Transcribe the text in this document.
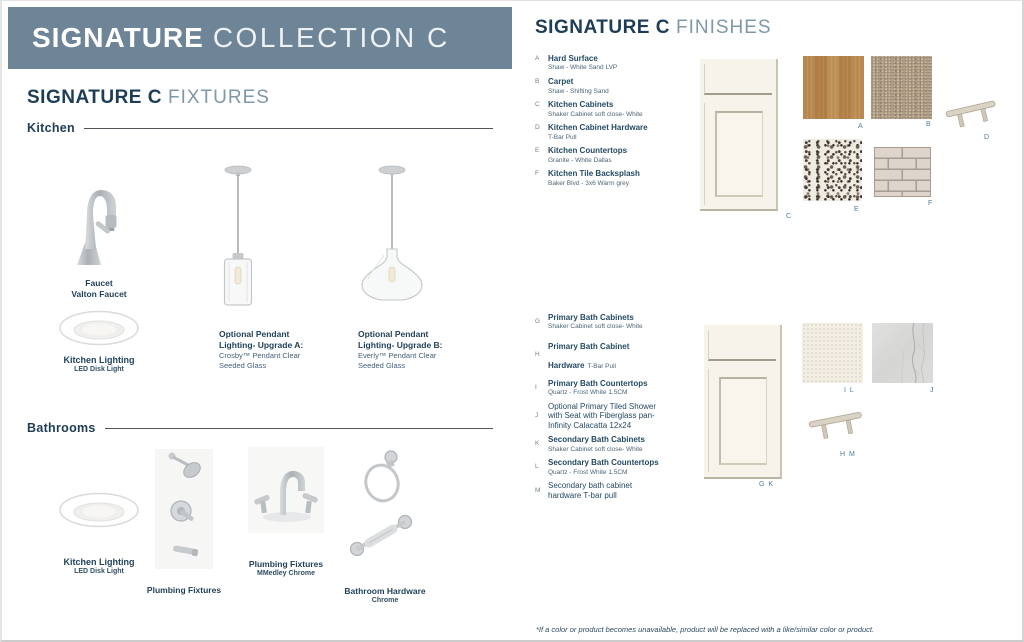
SIGNATURE COLLECTION C
SIGNATURE C FIXTURES
Kitchen
Faucet
Valton Faucet
Kitchen Lighting
LED Disk Light
Optional Pendant
Lighting- Upgrade A:
Crosby™ Pendant Clear
Seeded Glass
Optional Pendant
Lighting- Upgrade B:
Everly™ Pendant Clear
Seeded Glass
Bathrooms
Kitchen Lighting
LED Disk Light
Plumbing Fixtures
Plumbing Fixtures
MMedley Chrome
Bathroom Hardware
Chrome
SIGNATURE C FINISHES
A	Hard Surface
Shaw - White Sand LVP
B	Carpet
Shaw - Shifting Sand
C	Kitchen Cabinets
Shaker Cabinet soft close- White
D	Kitchen Cabinet Hardware
T-Bar Pull
E	Kitchen Countertops
Granite - White Dallas
F	Kitchen Tile Backsplash
Baker Blvd - 3x6 Warm grey
C
A	B
D
E
F
G Primary Bath Cabinets
Shaker Cabinet soft close- White
H
Primary Bath Cabinet Hardware T-Bar Pull
I	Primary Bath Countertops
Quartz - Frost White 1.5CM
J
Optional Primary Tiled Shower with Seat with Fiberglass pan- Infinity Calacatta 12x24
K	Secondary Bath Cabinets
Shaker Cabinet soft close- White
L	Secondary Bath Countertops
Quartz - Frost White 1.5CM
M Secondary bath cabinet hardware T-bar pull
G K
I L	J
H M
*If a color or product becomes unavailable, product will be replaced with a like/similar color or product.
